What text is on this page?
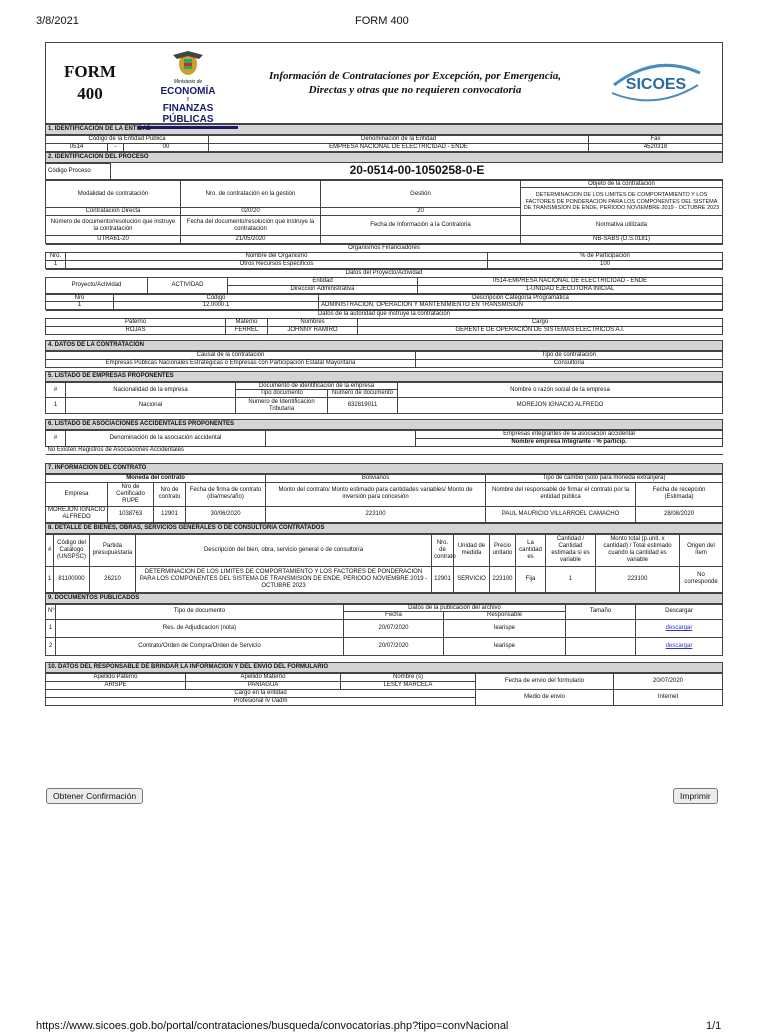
3/8/2021	FORM 400
FORM
400
Ministerio de
ECONOMÍA
y
FINANZAS PÚBLICAS
Información de Contrataciones por Excepción, por Emergencia,
Directas y otras que no requieren convocatoria	SICOES
1. IDENTIFICACIÓN DE LA ENTIDAD
Código de la Entidad Pública			Denominación de la Entidad	Fax
0514	-	00	EMPRESA NACIONAL DE ELECTRICIDAD - ENDE	4520318
2. IDENTIFICACIÓN DEL PROCESO
Código Proceso	20-0514-00-1050258-0-E
Modalidad de contratación	Nro. de contratación en la gestión	Gestión	Objeto de la contratación
			DETERMINACION DE LOS LIMITES DE COMPORTAMIENTO Y LOS FACTORES DE PONDERACION PARA LOS COMPONENTES DEL SISTEMA DE TRANSMISION DE ENDE, PERIODO NOVIEMBRE 2019 - OCTUBRE 2023
Contratacion Directa	020/20	20	
Número de documento/resolución que instruye la contratación	Fecha del documento/resolución que instruye la contratación	Fecha de Información a la Contraloria	Normativa utilizada
UTRA61-20	21/05/2020		NB-SABS (D.S.0181)
Organismos Financiadores		
Nro.	Nombre del Organismo	% de Participación
1	Otros Recursos Especificos	100
Datos del Proyecto/Actividad			
Proyecto/Actividad	ACTIVIDAD	Entidad	0514-EMPRESA NACIONAL DE ELECTRICIDAD - ENDE
		Dirección Administrativa	1-UNIDAD EJECUTORA INICIAL
Nro	Código	Descripción Categoría Programática
1	12.0000.1	ADMINISTRACION, OPERACION Y MANTENIMIENTO EN TRANSMISION
Datos de la autoridad que instruye la contratación			
Paterno	Materno	Nombres	Cargo
ROJAS	FERREL	JOHNNY RAMIRO	GERENTE DE OPERACIÓN DE SISTEMAS ELECTRICOS A.I.
4. DATOS DE LA CONTRATACIÓN
Causal de la contratación	Tipo de contratación
Empresas Públicas Nacionales Estratégicas o Empresas con Participación Estatal Mayoritaria	Consultoria
5. LISTADO DE EMPRESAS PROPONENTES
#	Nacionalidad de la empresa	Documento de identificación de la empresa		Nombre o razón social de la empresa
		Tipo documento	Número de documento	
1	Nacional	Numero de Identificacion Tributaria	632819011	MOREJON IGNACIO ALFREDO
6. LISTADO DE ASOCIACIONES ACCIDENTALES PROPONENTES
#	Denominación de la asociación accidental		Empresas integrantes de la asociación accidental
Nombre empresa Integrante - % particip.
No Existen Registros de Asociaciones Accidentales
7. INFORMACIÓN DEL CONTRATO
Moneda del contrato				Bolivianos	Tipo de cambio (solo para moneda extranjera)	
Empresa	Nro de Certificado RUPE	Nro de contrato	Fecha de firma de contrato (dia/mes/año)	Monto del contrato/ Monto estimado para cantidades variables/ Monto de inversión para concesión	Nombre del responsable de firmar el contrato por la entidad pública	Fecha de recepción (Estimada)
MOREJON IGNACIO ALFREDO	1038763	12901	30/06/2020	223100	PAUL MAURICIO VILLARROEL CAMACHO	28/08/2020
8. DETALLE DE BIENES, OBRAS, SERVICIOS GENERALES O DE CONSULTORIA CONTRATADOS
#	Código del Catálogo (UNSPSC)	Partida presupuestaria	Descripción del bien, obra, servicio general o de consultoría	Nro. de contrato	Unidad de medida	Precio unitario	La cantidad es	Cantidad / Cantidad estimada si es variable	Monto total (p.unit. x cantidad) / Total estimado cuando la cantidad es variable	Origen del ítem
1	81100000	26210	DETERMINACION DE LOS LIMITES DE COMPORTAMIENTO Y LOS FACTORES DE PONDERACION PARA LOS COMPONENTES DEL SISTEMA DE TRANSMISION DE ENDE, PERIODO NOVIEMBRE 2019 - OCTUBRE 2023	12901	SERVICIO	223100	Fija	1	223100	No corresponde
9. DOCUMENTOS PUBLICADOS
N°	Tipo de documento	Datos de la publicación del archivo		Tamaño	Descargar
		Fecha	Responsable		
1	Res. de Adjudicacion (nota)	20/07/2020	learispe		descargar
2	Contrato/Orden de Compra/Orden de Servicio	20/07/2020	learispe		descargar
10. DATOS DEL RESPONSABLE DE BRINDAR LA INFORMACION Y DEL ENVIO DEL FORMULARIO
Apellido Paterno	Apellido Materno	Nombre (s)	Fecha de envio del formulario	20/07/2020
ARISPE	PANIAGUA	LESLY MARCELA		
Cargo en la entidad			Medio de envio	Internet
Profesional Iv Uadm				
Obtener Confirmación	Imprimir
https://www.sicoes.gob.bo/portal/contrataciones/busqueda/convocatorias.php?tipo=convNacional	1/1
